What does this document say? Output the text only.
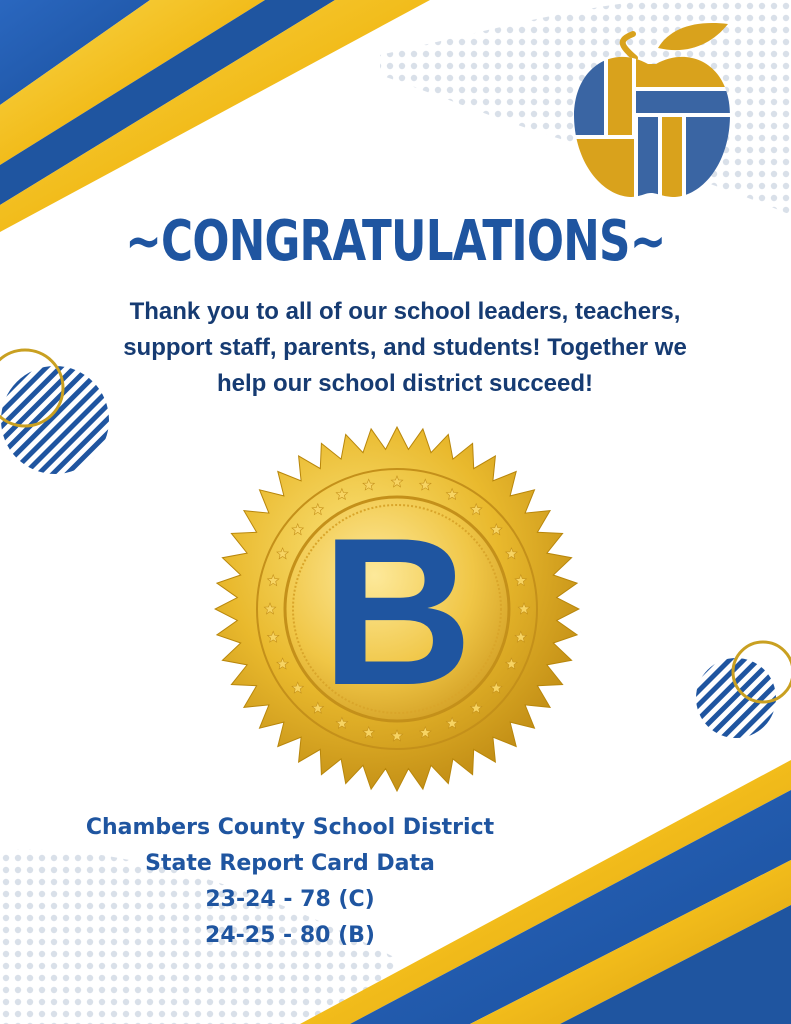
~CONGRATULATIONS~
Thank you to all of our school leaders, teachers,
support staff, parents, and students! Together we
help our school district succeed!
B
Chambers County School District
State Report Card Data
23-24 - 78 (C)
24-25 - 80 (B)
